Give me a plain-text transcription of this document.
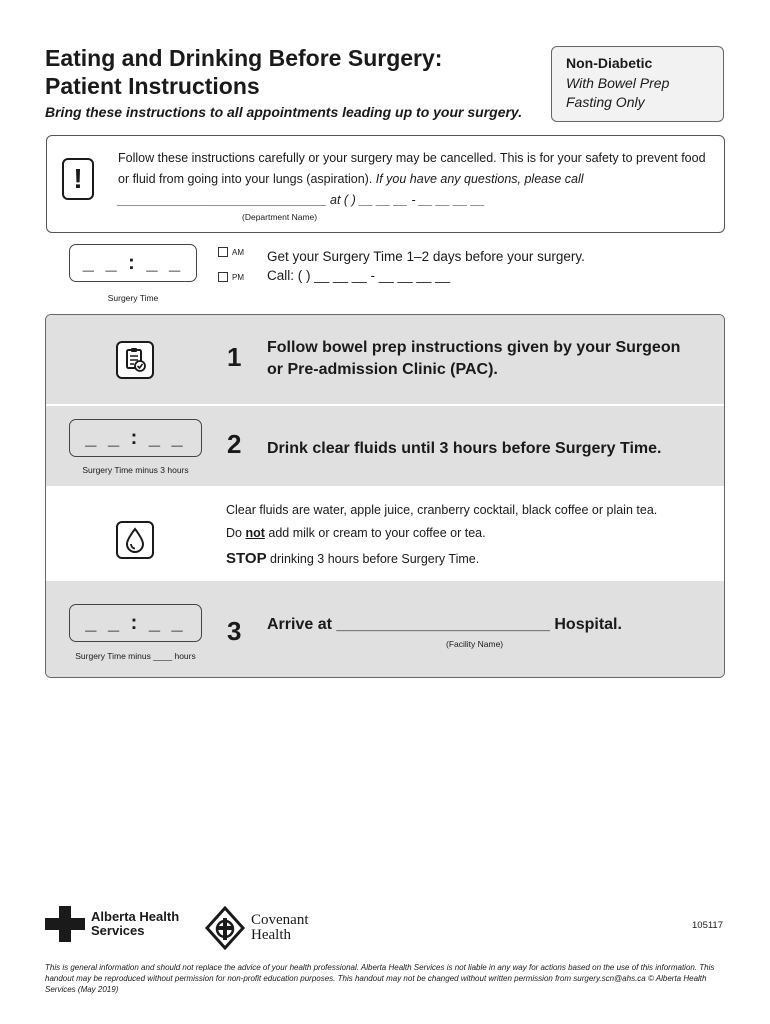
Eating and Drinking Before Surgery:
Patient Instructions
Bring these instructions to all appointments leading up to your surgery.
Non-Diabetic
With Bowel Prep
Fasting Only
!
Follow these instructions carefully or your surgery may be cancelled. This is for your safety to prevent food or fluid from going into your lungs (aspiration). If you have any questions, please call ______________________________ at ( ) __ __ __ - __ __ __ __
(Department Name)
_ _ : _ _
Surgery Time
AM
PM
Get your Surgery Time 1–2 days before your surgery.
Call: ( ) __ __ __ - __ __ __ __
1 Follow bowel prep instructions given by your Surgeon or Pre-admission Clinic (PAC).
_ _ : _ _
Surgery Time minus 3 hours
2 Drink clear fluids until 3 hours before Surgery Time.
Clear fluids are water, apple juice, cranberry cocktail, black coffee or plain tea.
Do not add milk or cream to your coffee or tea.
STOP drinking 3 hours before Surgery Time.
_ _ : _ _
Surgery Time minus ____ hours
3 Arrive at ________________________ Hospital.
(Facility Name)
Alberta Health
Services
Covenant
Health
105117
This is general information and should not replace the advice of your health professional. Alberta Health Services is not liable in any way for actions based on the use of this information. This handout may be reproduced without permission for non-profit education purposes. This handout may not be changed without written permission from surgery.scn@ahs.ca © Alberta Health Services (May 2019)
